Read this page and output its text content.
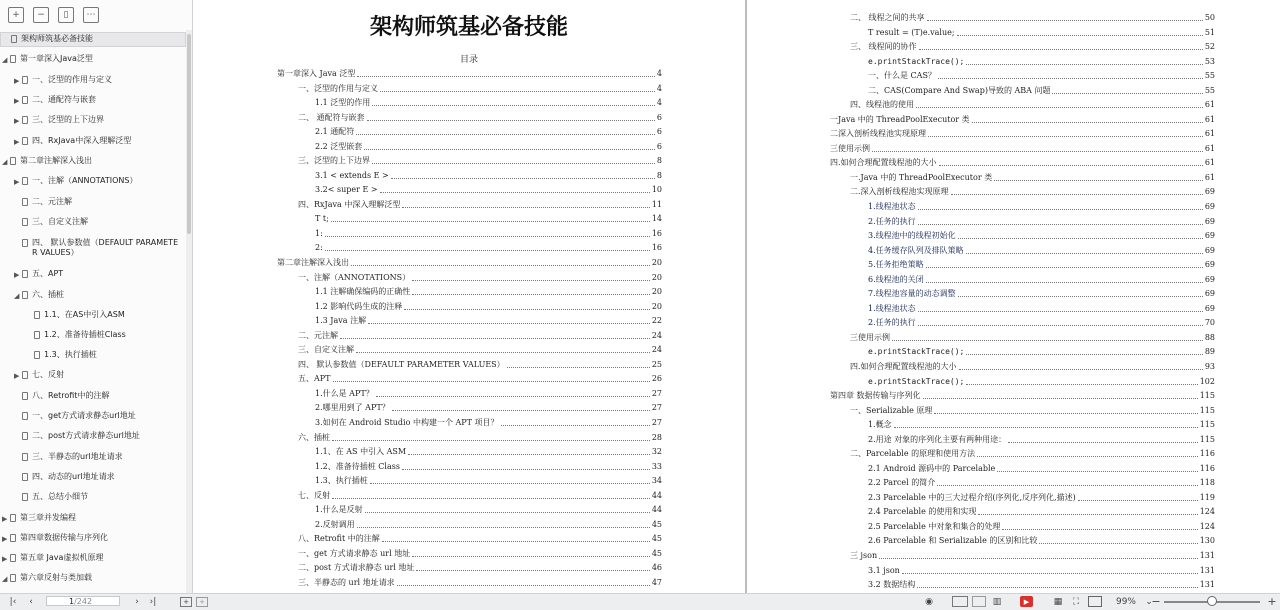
+	−	▯	⋯
架构师筑基必备技能
◢ 第一章深入Java泛型
▶ 一、泛型的作用与定义
▶ 二、通配符与嵌套
▶ 三、泛型的上下边界
▶ 四、RxJava中深入理解泛型
◢ 第二章注解深入浅出
▶ 一、注解（ANNOTATIONS）
二、元注解
三、自定义注解
四、 默认参数值（DEFAULT PARAMETE
R VALUES）
▶ 五、APT
◢ 六、插桩
1.1、在AS中引入ASM
1.2、准备待插桩Class
1.3、执行插桩
▶ 七、反射
八、Retrofit中的注解
一、get方式请求静态url地址
二、post方式请求静态url地址
三、半静态的url地址请求
四、动态的url地址请求
五、总结小细节
▶ 第三章并发编程
▶ 第四章数据传输与序列化
▶ 第五章 Java虚拟机原理
◢ 第六章反射与类加载
架构师筑基必备技能
目录
第一章深入 Java 泛型	4
一、泛型的作用与定义	4
1.1 泛型的作用	4
二、 通配符与嵌套	6
2.1 通配符	6
2.2 泛型嵌套	6
三、泛型的上下边界	8
3.1 < extends E >	8
3.2< super E >	10
四、RxJava 中深入理解泛型	11
T t;	14
1:	16
2:	16
第二章注解深入浅出	20
一、注解（ANNOTATIONS）	20
1.1 注解确保编码的正确性	20
1.2 影响代码生成的注释	20
1.3 Java 注解	22
二、元注解	24
三、自定义注解	24
四、 默认参数值（DEFAULT PARAMETER VALUES）	25
五、APT	26
1.什么是 APT？	27
2.哪里用到了 APT？	27
3.如何在 Android Studio 中构建一个 APT 项目？	27
六、插桩	28
1.1、在 AS 中引入 ASM	32
1.2、准备待插桩 Class	33
1.3、执行插桩	34
七、反射	44
1.什么是反射	44
2.反射调用	45
八、Retrofit 中的注解	45
一、get 方式请求静态 url 地址	45
二、post 方式请求静态 url 地址	46
三、半静态的 url 地址请求	47
二、 线程之间的共享	50
T result = (T)e.value;	51
三、 线程间的协作	52
e.printStackTrace();	53
一、什么是 CAS？	55
二、CAS(Compare And Swap)导致的 ABA 问题	55
四、线程池的使用	61
一Java 中的 ThreadPoolExecutor 类	61
二深入剖析线程池实现原理	61
三使用示例	61
四.如何合理配置线程池的大小	61
一.Java 中的 ThreadPoolExecutor 类	61
二.深入剖析线程池实现原理	69
1.线程池状态	69
2.任务的执行	69
3.线程池中的线程初始化	69
4.任务缓存队列及排队策略	69
5.任务拒绝策略	69
6.线程池的关闭	69
7.线程池容量的动态调整	69
1.线程池状态	69
2.任务的执行	70
三使用示例	88
e.printStackTrace();	89
四.如何合理配置线程池的大小	93
e.printStackTrace();	102
第四章 数据传输与序列化	115
一、Serializable 原理	115
1.概念	115
2.用途 对象的序列化主要有两种用途：	115
二、Parcelable 的原理和使用方法	116
2.1 Android 源码中的 Parcelable	116
2.2 Parcel 的简介	118
2.3 Parcelable 中的三大过程介绍(序列化,反序列化,描述)	119
2.4 Parcelable 的使用和实现	124
2.5 Parcelable 中对象和集合的处理	124
2.6 Parcelable 和 Serializable 的区别和比较	130
三 json	131
3.1 json	131
3.2 数据结构	131
|‹	‹	1/242	›	›|	+	+	◉	▥	▶	▦	⛶	99%	⌄
−	+
